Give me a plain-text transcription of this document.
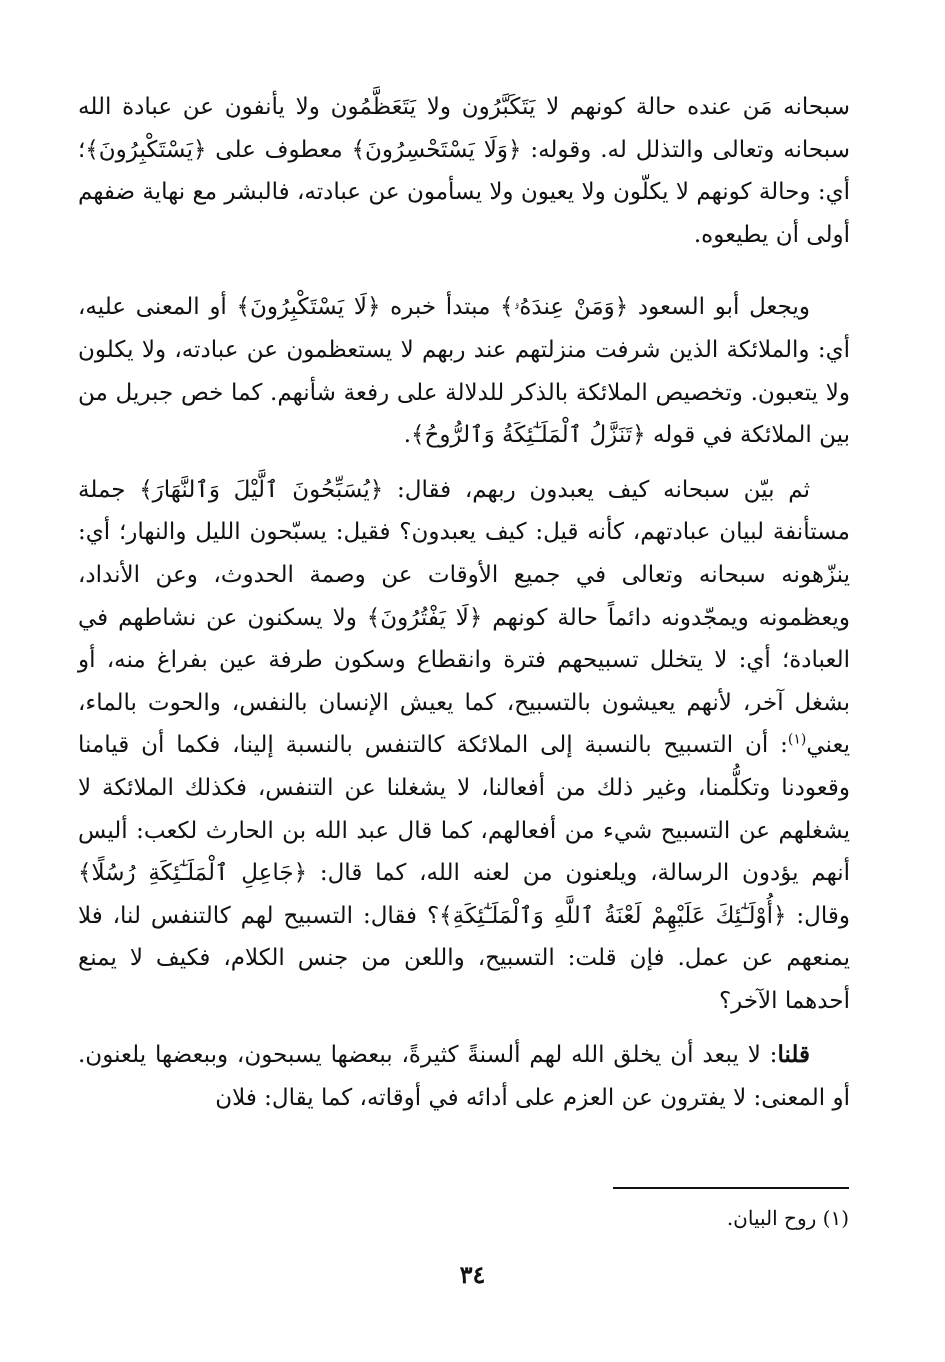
سبحانه مَن عنده حالة كونهم لا يَتَكَبَّرُون ولا يَتَعَظَّمُون ولا يأنفون عن عبادة الله سبحانه وتعالى والتذلل له. وقوله: ﴿وَلَا يَسْتَحْسِرُونَ﴾ معطوف على ﴿يَسْتَكْبِرُونَ﴾؛ أي: وحالة كونهم لا يكلّون ولا يعيون ولا يسأمون عن عبادته، فالبشر مع نهاية ضفهم أولى أن يطيعوه.

ويجعل أبو السعود ﴿وَمَنْ عِندَهُۥ﴾ مبتدأ خبره ﴿لَا يَسْتَكْبِرُونَ﴾ أو المعنى عليه، أي: والملائكة الذين شرفت منزلتهم عند ربهم لا يستعظمون عن عبادته، ولا يكلون ولا يتعبون. وتخصيص الملائكة بالذكر للدلالة على رفعة شأنهم. كما خص جبريل من بين الملائكة في قوله ﴿تَنَزَّلُ ٱلْمَلَـٰٓئِكَةُ وَٱلرُّوحُ﴾.

ثم بيّن سبحانه كيف يعبدون ربهم، فقال: ﴿يُسَبِّحُونَ ٱلَّيْلَ وَٱلنَّهَارَ﴾ جملة مستأنفة لبيان عبادتهم، كأنه قيل: كيف يعبدون؟ فقيل: يسبّحون الليل والنهار؛ أي: ينزّهونه سبحانه وتعالى في جميع الأوقات عن وصمة الحدوث، وعن الأنداد، ويعظمونه ويمجّدونه دائماً حالة كونهم ﴿لَا يَفْتُرُونَ﴾ ولا يسكنون عن نشاطهم في العبادة؛ أي: لا يتخلل تسبيحهم فترة وانقطاع وسكون طرفة عين بفراغ منه، أو بشغل آخر، لأنهم يعيشون بالتسبيح، كما يعيش الإنسان بالنفس، والحوت بالماء، يعني$^{(١)}$: أن التسبيح بالنسبة إلى الملائكة كالتنفس بالنسبة إلينا، فكما أن قيامنا وقعودنا وتكلُّمنا، وغير ذلك من أفعالنا، لا يشغلنا عن التنفس، فكذلك الملائكة لا يشغلهم عن التسبيح شيء من أفعالهم، كما قال عبد الله بن الحارث لكعب: أليس أنهم يؤدون الرسالة، ويلعنون من لعنه الله، كما قال: ﴿جَاعِلِ ٱلْمَلَـٰٓئِكَةِ رُسُلًا﴾ وقال: ﴿أُوْلَـٰٓئِكَ عَلَيْهِمْ لَعْنَةُ ٱللَّهِ وَٱلْمَلَـٰٓئِكَةِ﴾؟ فقال: التسبيح لهم كالتنفس لنا، فلا يمنعهم عن عمل. فإن قلت: التسبيح، واللعن من جنس الكلام، فكيف لا يمنع أحدهما الآخر؟

قلنا: لا يبعد أن يخلق الله لهم ألسنةً كثيرةً، ببعضها يسبحون، وببعضها يلعنون. أو المعنى: لا يفترون عن العزم على أدائه في أوقاته، كما يقال: فلان

(١) روح البيان.
٣٤
